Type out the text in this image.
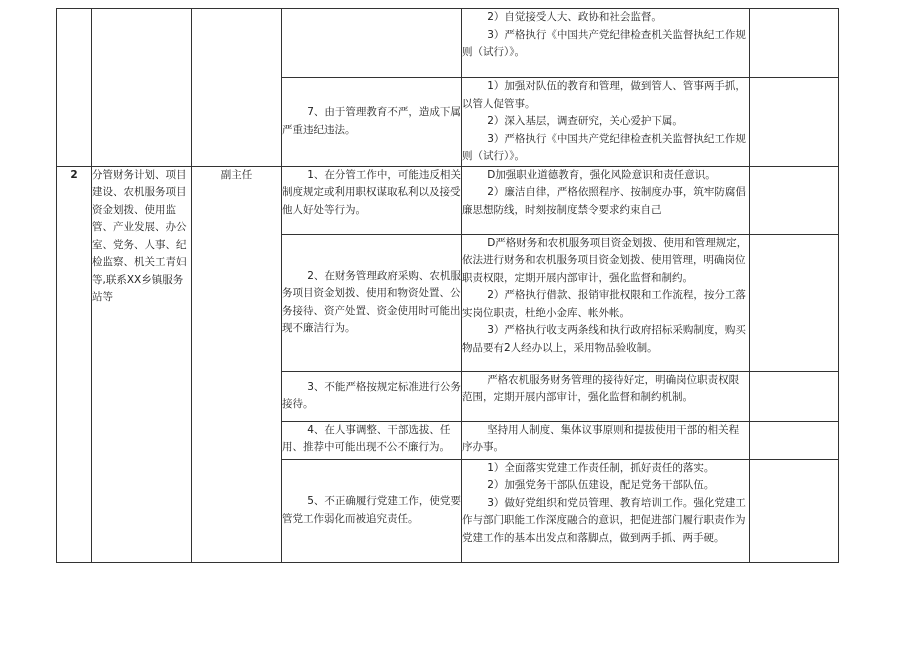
				2）自觉接受人大、政协和社会监督。
3）严格执行《中国共产党纪律检查机关监督执纪工作规则（试行）》。	

			7、由于管理教育不严，造成下属严重违纪违法。	1）加强对队伍的教育和管理，做到管人、管事两手抓，以管人促管事。
2）深入基层，调查研究，关心爱护下属。
3）严格执行《中国共产党纪律检查机关监督执纪工作规则（试行）》。	

2	分管财务计划、项目建设、农机服务项目资金划拨、使用监管、产业发展、办公室、党务、人事、纪检监察、机关工青妇等,联系XX乡镇服务站等	副主任	1、在分管工作中，可能违反相关制度规定或利用职权谋取私利以及接受他人好处等行为。	D加强职业道德教育，强化风险意识和责任意识。
2）廉洁自律，严格依照程序、按制度办事，筑牢防腐倡廉思想防线，时刻按制度禁令要求约束自己	

			2、在财务管理政府采购、农机服务项目资金划拨、使用和物资处置、公务接待、资产处置、资金使用时可能出现不廉洁行为。	D严格财务和农机服务项目资金划拨、使用和管理规定，依法进行财务和农机服务项目资金划拨、使用管理，明确岗位职责权限，定期开展内部审计，强化监督和制约。
2）严格执行借款、报销审批权限和工作流程，按分工落实岗位职责，杜绝小金库、帐外帐。
3）严格执行收支两条线和执行政府招标采购制度，购买物品要有2人经办以上，采用物品验收制。	

			3、不能严格按规定标准进行公务接待。	严格农机服务财务管理的接待好定，明确岗位职责权限范围，定期开展内部审计，强化监督和制约机制。	

			4、在人事调整、干部选拔、任用、推荐中可能出现不公不廉行为。	坚持用人制度、集体议事原则和提拔使用干部的相关程序办事。	

			5、不正确履行党建工作，使党要管党工作弱化而被追究责任。	1）全面落实党建工作责任制，抓好责任的落实。
2）加强党务干部队伍建设，配足党务干部队伍。
3）做好党组织和党员管理、教育培训工作。强化党建工作与部门职能工作深度融合的意识，把促进部门履行职责作为党建工作的基本出发点和落脚点，做到两手抓、两手硬。	
